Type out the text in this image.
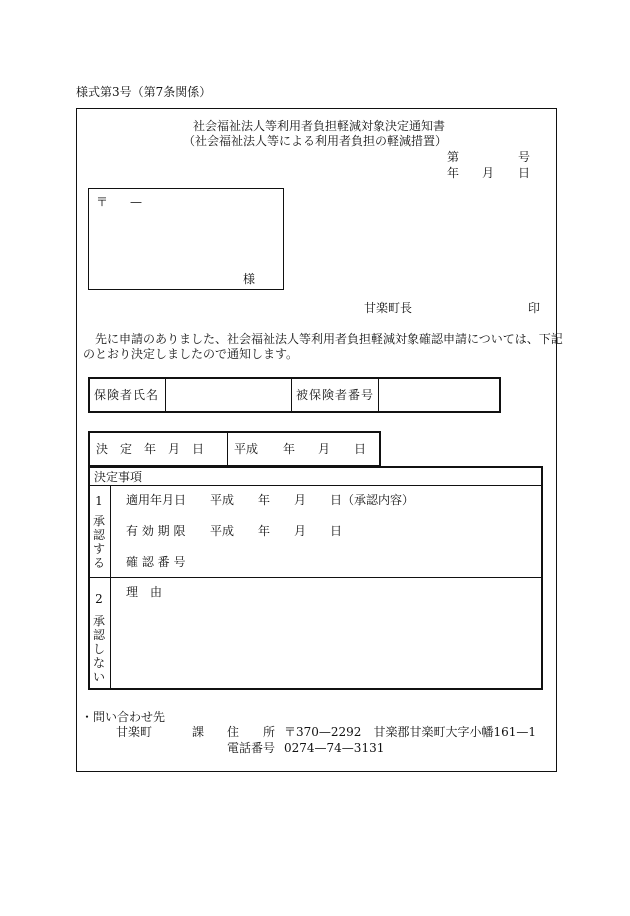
様式第3号（第7条関係）
社会福祉法人等利用者負担軽減対象決定通知書
（社会福祉法人等による利用者負担の軽減措置）
第	号
年 月 日
〒 —
様
甘楽町長	印
先に申請のありました、社会福祉法人等利用者負担軽減対象確認申請については、下記
のとおり決定しましたので通知します。
保険者氏名	被保険者番号
決　定　年　月　日 平成 年 月 日
決定事項
1
承認する
適用年月日 平成　　年　　月　　日（承認内容）
有 効 期 限 平成　　年　　月　　日
確 認 番 号
2
承認しない
理　由
・問い合わせ先
甘楽町	課 住　　所 〒370—2292　甘楽郡甘楽町大字小幡161—1
電話番号 0274—74—3131
